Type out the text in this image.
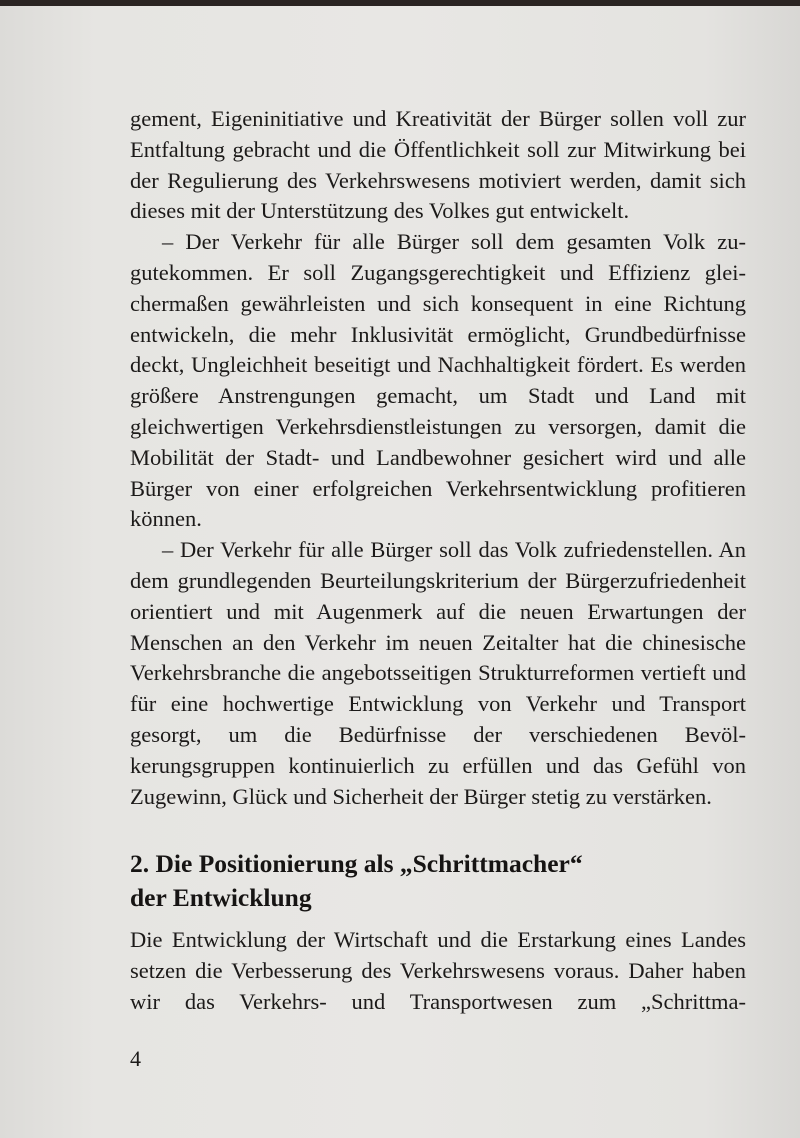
gement, Eigeninitiative und Kreativität der Bürger sollen voll zur Entfaltung gebracht und die Öffentlichkeit soll zur Mitwirkung bei der Regulierung des Verkehrswesens motiviert werden, damit sich dieses mit der Unterstützung des Volkes gut entwickelt.

– Der Verkehr für alle Bürger soll dem gesamten Volk zugutekommen. Er soll Zugangsgerechtigkeit und Effizienz gleichermaßen gewährleisten und sich konsequent in eine Richtung entwickeln, die mehr Inklusivität ermöglicht, Grundbedürfnisse deckt, Ungleichheit beseitigt und Nachhaltigkeit fördert. Es werden größere Anstrengungen gemacht, um Stadt und Land mit gleichwertigen Verkehrsdienstleistungen zu versorgen, damit die Mobilität der Stadt- und Landbewohner gesichert wird und alle Bürger von einer erfolgreichen Verkehrsentwicklung profitieren können.

– Der Verkehr für alle Bürger soll das Volk zufriedenstellen. An dem grundlegenden Beurteilungskriterium der Bürgerzufriedenheit orientiert und mit Augenmerk auf die neuen Erwartungen der Menschen an den Verkehr im neuen Zeitalter hat die chinesische Verkehrsbranche die angebotsseitigen Strukturreformen vertieft und für eine hochwertige Entwicklung von Verkehr und Transport gesorgt, um die Bedürfnisse der verschiedenen Bevölkerungsgruppen kontinuierlich zu erfüllen und das Gefühl von Zugewinn, Glück und Sicherheit der Bürger stetig zu verstärken.

2. Die Positionierung als „Schrittmacher“
der Entwicklung

Die Entwicklung der Wirtschaft und die Erstarkung eines Landes setzen die Verbesserung des Verkehrswesens voraus. Daher haben wir das Verkehrs- und Transportwesen zum „Schrittma-

4
